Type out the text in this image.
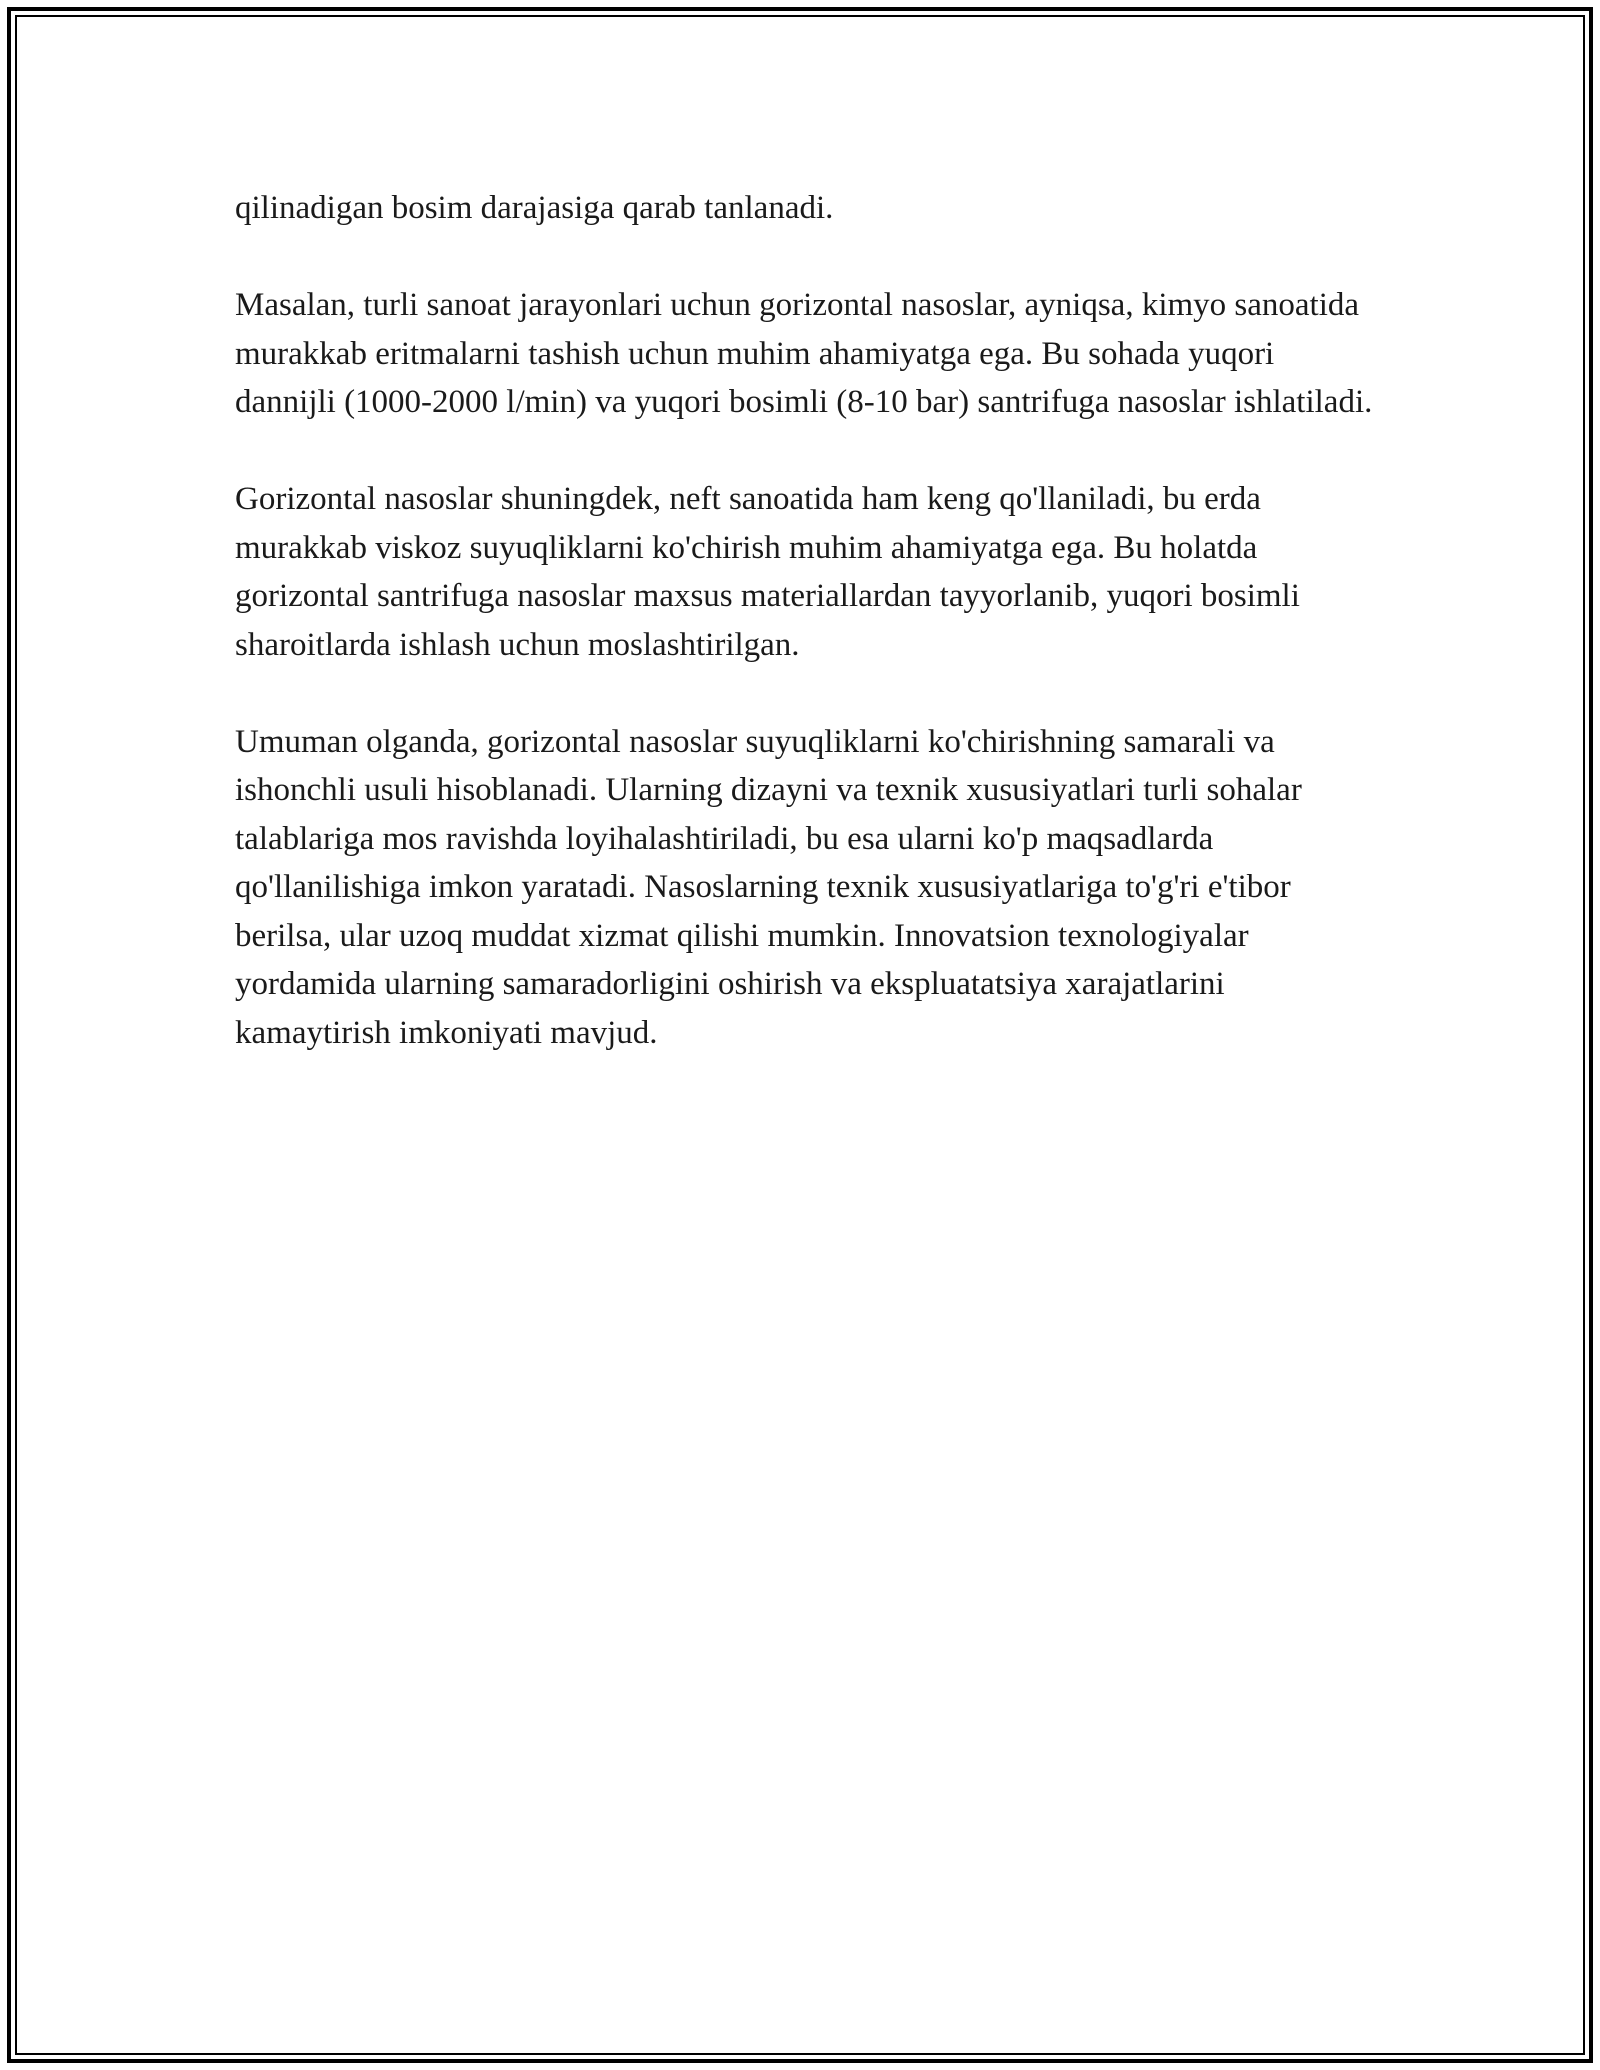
qilinadigan bosim darajasiga qarab tanlanadi.

Masalan, turli sanoat jarayonlari uchun gorizontal nasoslar, ayniqsa, kimyo sanoatida murakkab eritmalarni tashish uchun muhim ahamiyatga ega. Bu sohada yuqori dannijli (1000-2000 l/min) va yuqori bosimli (8-10 bar) santrifuga nasoslar ishlatiladi.

Gorizontal nasoslar shuningdek, neft sanoatida ham keng qo'llaniladi, bu erda murakkab viskoz suyuqliklarni ko'chirish muhim ahamiyatga ega. Bu holatda gorizontal santrifuga nasoslar maxsus materiallardan tayyorlanib, yuqori bosimli sharoitlarda ishlash uchun moslashtirilgan.

Umuman olganda, gorizontal nasoslar suyuqliklarni ko'chirishning samarali va ishonchli usuli hisoblanadi. Ularning dizayni va texnik xususiyatlari turli sohalar talablariga mos ravishda loyihalashtiriladi, bu esa ularni ko'p maqsadlarda qo'llanilishiga imkon yaratadi. Nasoslarning texnik xususiyatlariga to'g'ri e'tibor berilsa, ular uzoq muddat xizmat qilishi mumkin. Innovatsion texnologiyalar yordamida ularning samaradorligini oshirish va ekspluatatsiya xarajatlarini kamaytirish imkoniyati mavjud.
